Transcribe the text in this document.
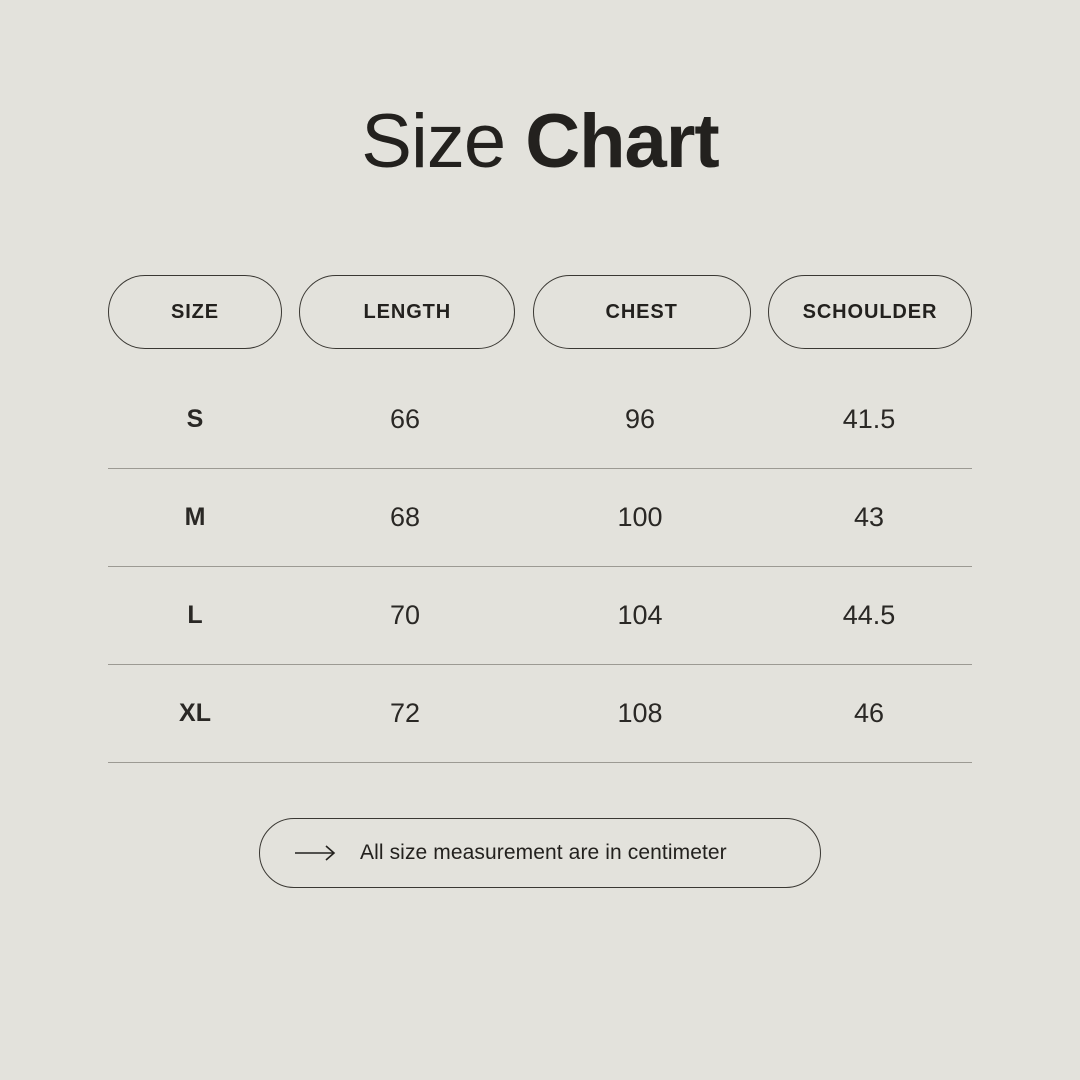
Size Chart
SIZE	LENGTH	CHEST	SCHOULDER
S	66	96	41.5
M	68	100	43
L	70	104	44.5
XL	72	108	46
All size measurement are in centimeter
